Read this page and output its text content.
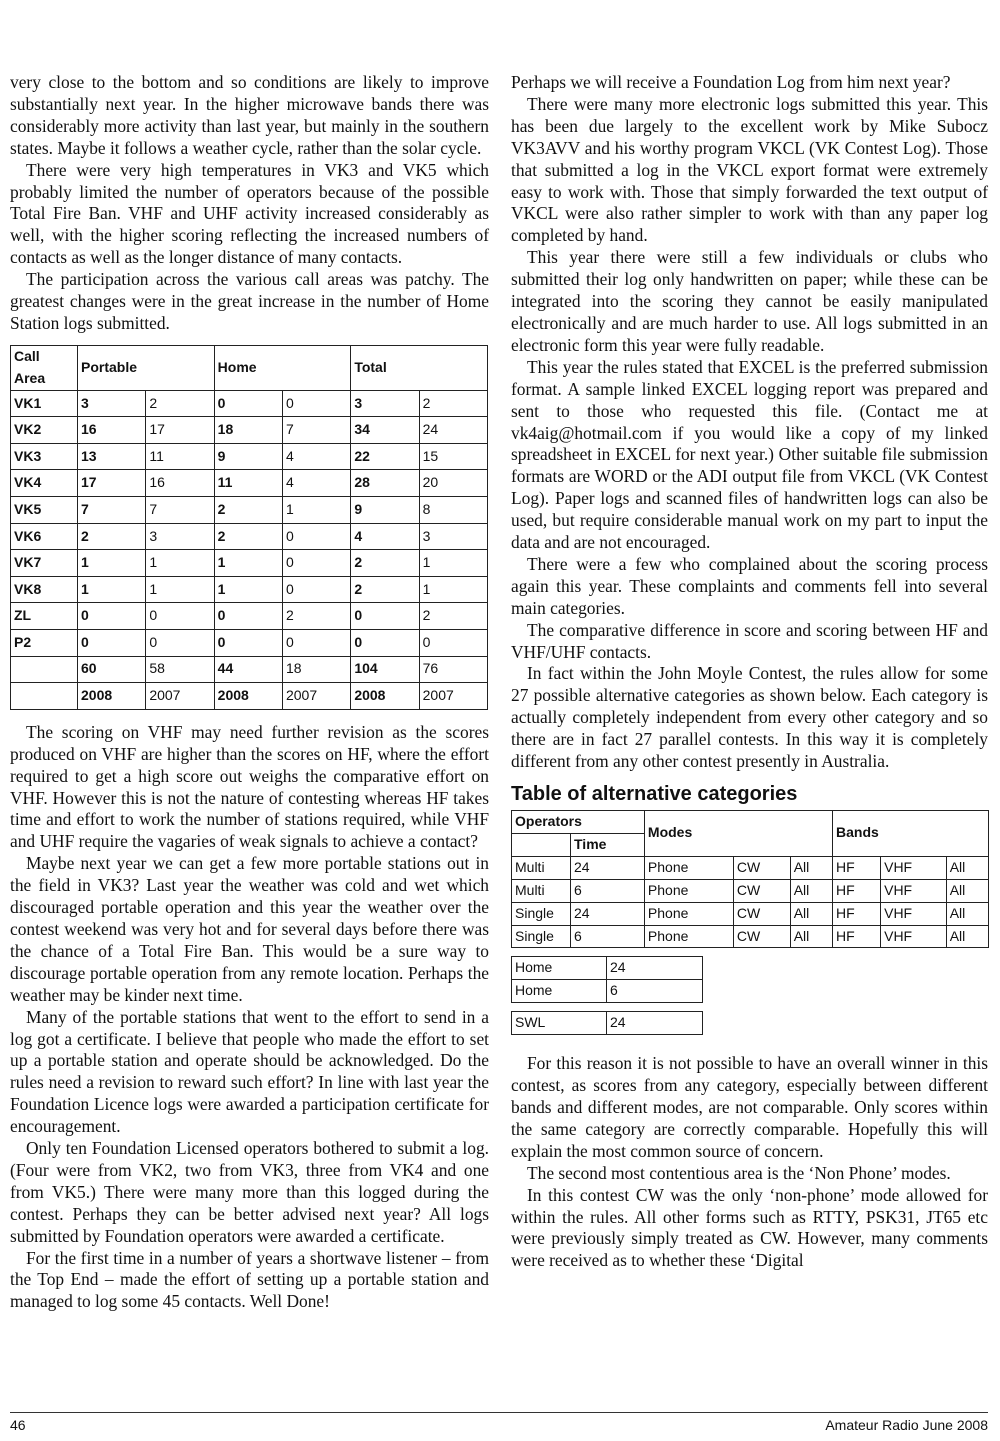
very close to the bottom and so conditions are likely to improve substantially next year. In the higher microwave bands there was considerably more activity than last year, but mainly in the southern states. Maybe it follows a weather cycle, rather than the solar cycle.

There were very high temperatures in VK3 and VK5 which probably limited the number of operators because of the possible Total Fire Ban. VHF and UHF activity increased considerably as well, with the higher scoring reflecting the increased numbers of contacts as well as the longer distance of many contacts.

The participation across the various call areas was patchy. The greatest changes were in the great increase in the number of Home Station logs submitted.

Call Area	Portable		Home		Total	
VK1	3	2	0	0	3	2
VK2	16	17	18	7	34	24
VK3	13	11	9	4	22	15
VK4	17	16	11	4	28	20
VK5	7	7	2	1	9	8
VK6	2	3	2	0	4	3
VK7	1	1	1	0	2	1
VK8	1	1	1	0	2	1
ZL	0	0	0	2	0	2
P2	0	0	0	0	0	0
	60	58	44	18	104	76
	2008	2007	2008	2007	2008	2007

The scoring on VHF may need further revision as the scores produced on VHF are higher than the scores on HF, where the effort required to get a high score out weighs the comparative effort on VHF. However this is not the nature of contesting whereas HF takes time and effort to work the number of stations required, while VHF and UHF require the vagaries of weak signals to achieve a contact?

Maybe next year we can get a few more portable stations out in the field in VK3? Last year the weather was cold and wet which discouraged portable operation and this year the weather over the contest weekend was very hot and for several days before there was the chance of a Total Fire Ban. This would be a sure way to discourage portable operation from any remote location. Perhaps the weather may be kinder next time.

Many of the portable stations that went to the effort to send in a log got a certificate. I believe that people who made the effort to set up a portable station and operate should be acknowledged. Do the rules need a revision to reward such effort? In line with last year the Foundation Licence logs were awarded a participation certificate for encouragement.

Only ten Foundation Licensed operators bothered to submit a log. (Four were from VK2, two from VK3, three from VK4 and one from VK5.) There were many more than this logged during the contest. Perhaps they can be better advised next year? All logs submitted by Foundation operators were awarded a certificate.

For the first time in a number of years a shortwave listener – from the Top End – made the effort of setting up a portable station and managed to log some 45 contacts. Well Done!

Perhaps we will receive a Foundation Log from him next year?

There were many more electronic logs submitted this year. This has been due largely to the excellent work by Mike Subocz VK3AVV and his worthy program VKCL (VK Contest Log). Those that submitted a log in the VKCL export format were extremely easy to work with. Those that simply forwarded the text output of VKCL were also rather simpler to work with than any paper log completed by hand.

This year there were still a few individuals or clubs who submitted their log only handwritten on paper; while these can be integrated into the scoring they cannot be easily manipulated electronically and are much harder to use. All logs submitted in an electronic form this year were fully readable.

This year the rules stated that EXCEL is the preferred submission format. A sample linked EXCEL logging report was prepared and sent to those who requested this file. (Contact me at vk4aig@hotmail.com if you would like a copy of my linked spreadsheet in EXCEL for next year.) Other suitable file submission formats are WORD or the ADI output file from VKCL (VK Contest Log). Paper logs and scanned files of handwritten logs can also be used, but require considerable manual work on my part to input the data and are not encouraged.

There were a few who complained about the scoring process again this year. These complaints and comments fell into several main categories.

The comparative difference in score and scoring between HF and VHF/UHF contacts.

In fact within the John Moyle Contest, the rules allow for some 27 possible alternative categories as shown below. Each category is actually completely independent from every other category and so there are in fact 27 parallel contests. In this way it is completely different from any other contest presently in Australia.

Table of alternative categories
Operators		Modes			Bands		
	Time						
Multi	24	Phone	CW	All	HF	VHF	All
Multi	6	Phone	CW	All	HF	VHF	All
Single	24	Phone	CW	All	HF	VHF	All
Single	6	Phone	CW	All	HF	VHF	All
Home	24
Home	6
SWL	24

For this reason it is not possible to have an overall winner in this contest, as scores from any category, especially between different bands and different modes, are not comparable. Only scores within the same category are correctly comparable. Hopefully this will explain the most common source of concern.

The second most contentious area is the ‘Non Phone’ modes.

In this contest CW was the only ‘non-phone’ mode allowed for within the rules. All other forms such as RTTY, PSK31, JT65 etc were previously simply treated as CW. However, many comments were received as to whether these ‘Digital

46	Amateur Radio June 2008
